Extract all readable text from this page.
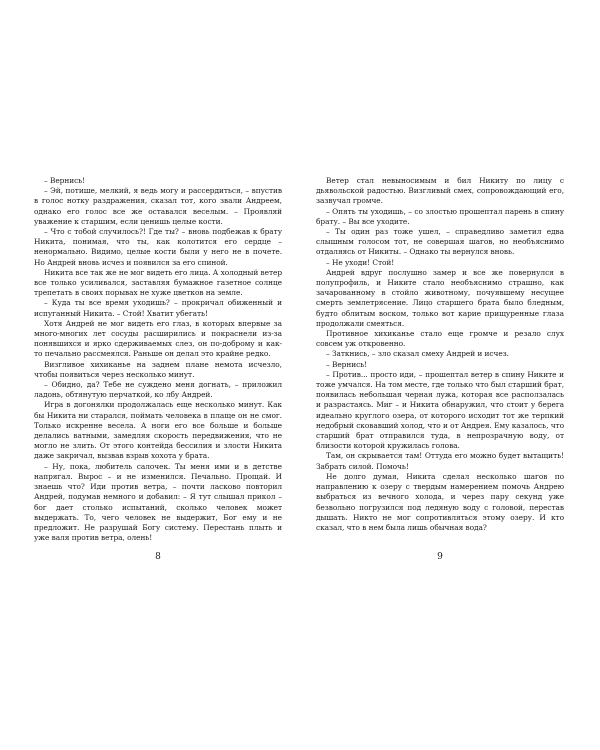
– Вернись!

– Эй, потише, мелкий, я ведь могу и рассердиться, – впустив в голос нотку раздражения, сказал тот, кого звали Андреем, однако его голос все же оставался веселым. – Проявляй уважение к старшим, если ценишь целые кости.

– Что с тобой случилось?! Где ты? – вновь подбежав к брату Никита, понимая, что ты, как колотится его сердце – ненормально. Видимо, целые кости были у него не в почете. Но Андрей вновь исчез и появился за его спиной.

Никита все так же не мог видеть его лица. А холодный ветер все только усиливался, заставляя бумажное газетное солнце трепетать в своих порывах не хуже цветков на земле.

– Куда ты все время уходишь? – прокричал обиженный и испуганный Никита. – Стой! Хватит убегать!

Хотя Андрей не мог видеть его глаз, в которых впервые за много-многих лет сосуды расширились и покраснели из-за понявшихся и ярко сдерживаемых слез, он по-доброму и как-то печально рассмеялся. Раньше он делал это крайне редко.

Визгливое хихиканье на заднем плане немота исчезло, чтобы появиться через несколько минут.

– Обидно, да? Тебе не суждено меня догнать, – приложил ладонь, обтянутую перчаткой, ко лбу Андрей.

Игра в догонялки продолжалась еще несколько минут. Как бы Никита ни старался, поймать человека в плаще он не смог. Только искренне весела. А ноги его все больше и больше делались ватными, замедляя скорость передвижения, что не могло не злить. От этого контейда бессилия и злости Никита даже закричал, вызвав взрыв хохота у брата.

– Ну, пока, любитель салочек. Ты меня ими и в детстве напрягал. Вырос – и не изменился. Печально. Прощай. И знаешь что? Иди против ветра, – почти ласково повторил Андрей, подумав немного и добавил: – Я тут слышал прикол – бог дает столько испытаний, сколько человек может выдержать. То, чего человек не выдержит, Бог ему и не предложит. Не разрушай Богу систему. Перестань плыть и уже валя против ветра, олень!

8

Ветер стал невыносимым и бил Никиту по лицу с дьявольской радостью. Визгливый смех, сопровождающий его, зазвучал громче.

– Опять ты уходишь, – со злостью прошептал парень в спину брату. – Вы все уходите.

– Ты один раз тоже ушел, – справедливо заметил едва слышным голосом тот, не совершая шагов, но необъяснимо отдаляясь от Никиты. – Однако ты вернулся вновь.

– Не уходи! Стой!

Андрей вдруг послушно замер и все же повернулся в полупрофиль, и Никите стало необъяснимо страшно, как зачарованному в стойло животному, почуявшему несущее смерть землетрясение. Лицо старшего брата было бледным, будто облитым воском, только вот карие прищуренные глаза продолжали смеяться.

Противное хихиканье стало еще громче и резало слух совсем уж откровенно.

– Заткнись, – зло сказал смеху Андрей и исчез.

– Вернись!

– Против... просто иди, – прошептал ветер в спину Никите и тоже умчался. На том месте, где только что был старший брат, появилась небольшая черная лужа, которая все расползалась и разрастаясь. Миг – и Никита обнаружил, что стоит у берега идеально круглого озера, от которого исходит тот же терпкий недобрый сковавший холод, что и от Андрея. Ему казалось, что старший брат отправился туда, в непрозрачную воду, от близости которой кружилась голова.

Там, он скрывается там! Оттуда его можно будет вытащить! Забрать силой. Помочь!

Не долго думая, Никита сделал несколько шагов по направлению к озеру с твердым намерением помочь Андрею выбраться из вечного холода, и через пару секунд уже безвольно погрузился под ледяную воду с головой, перестав дышать. Никто не мог сопротивляться этому озеру. И кто сказал, что в нем была лишь обычная вода?

9
